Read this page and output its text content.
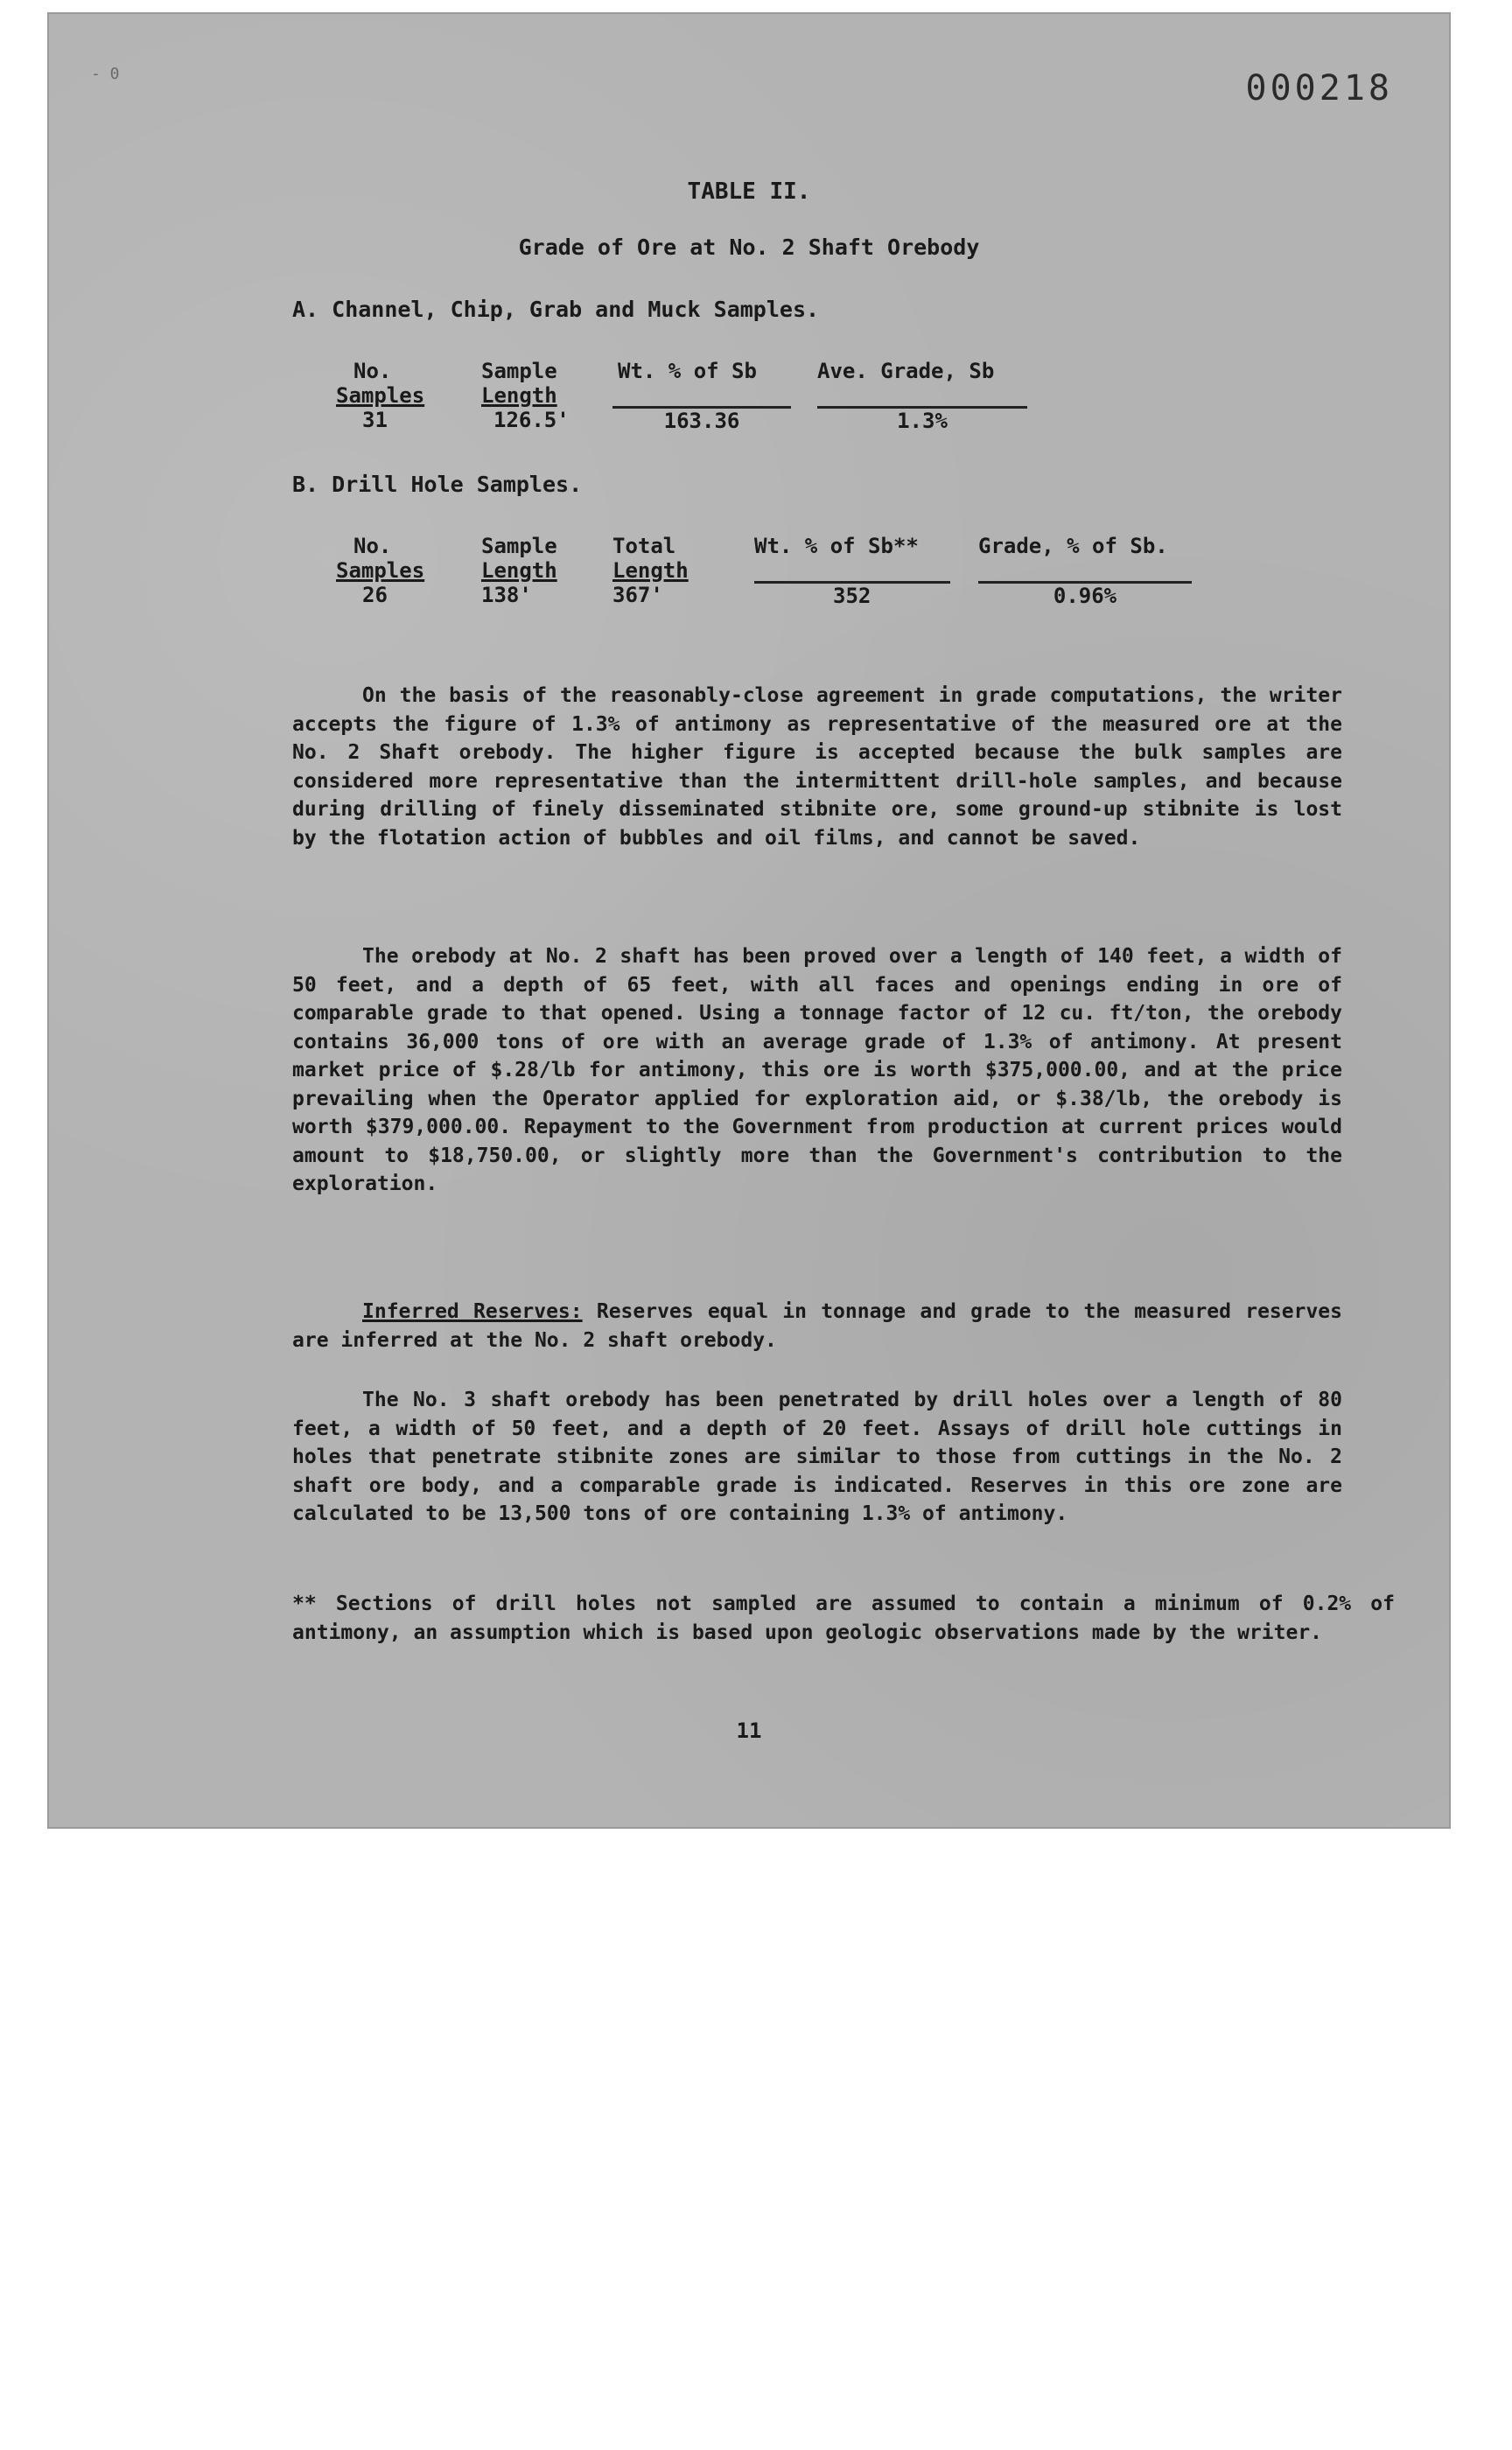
- 0	000218
TABLE II.
Grade of Ore at No. 2 Shaft Orebody
A. Channel, Chip, Grab and Muck Samples.
No.
Samples
31
Sample
Length
126.5'
Wt. % of Sb
163.36
Ave. Grade, Sb
1.3%
B. Drill Hole Samples.
No.
Samples
26
Sample
Length
138'
Total
Length
367'
Wt. % of Sb**
352
Grade, % of Sb.
0.96%
On the basis of the reasonably-close agreement in grade computations, the writer accepts the figure of 1.3% of antimony as representative of the measured ore at the No. 2 Shaft orebody. The higher figure is accepted because the bulk samples are considered more representative than the intermittent drill-hole samples, and because during drilling of finely disseminated stibnite ore, some ground-up stibnite is lost by the flotation action of bubbles and oil films, and cannot be saved.
The orebody at No. 2 shaft has been proved over a length of 140 feet, a width of 50 feet, and a depth of 65 feet, with all faces and openings ending in ore of comparable grade to that opened. Using a tonnage factor of 12 cu. ft/ton, the orebody contains 36,000 tons of ore with an average grade of 1.3% of antimony. At present market price of $.28/lb for antimony, this ore is worth $375,000.00, and at the price prevailing when the Operator applied for exploration aid, or $.38/lb, the orebody is worth $379,000.00. Repayment to the Government from production at current prices would amount to $18,750.00, or slightly more than the Government's contribution to the exploration.
Inferred Reserves: Reserves equal in tonnage and grade to the measured reserves are inferred at the No. 2 shaft orebody.
The No. 3 shaft orebody has been penetrated by drill holes over a length of 80 feet, a width of 50 feet, and a depth of 20 feet. Assays of drill hole cuttings in holes that penetrate stibnite zones are similar to those from cuttings in the No. 2 shaft ore body, and a comparable grade is indicated. Reserves in this ore zone are calculated to be 13,500 tons of ore containing 1.3% of antimony.
** Sections of drill holes not sampled are assumed to contain a minimum of 0.2% of antimony, an assumption which is based upon geologic observations made by the writer.
11
